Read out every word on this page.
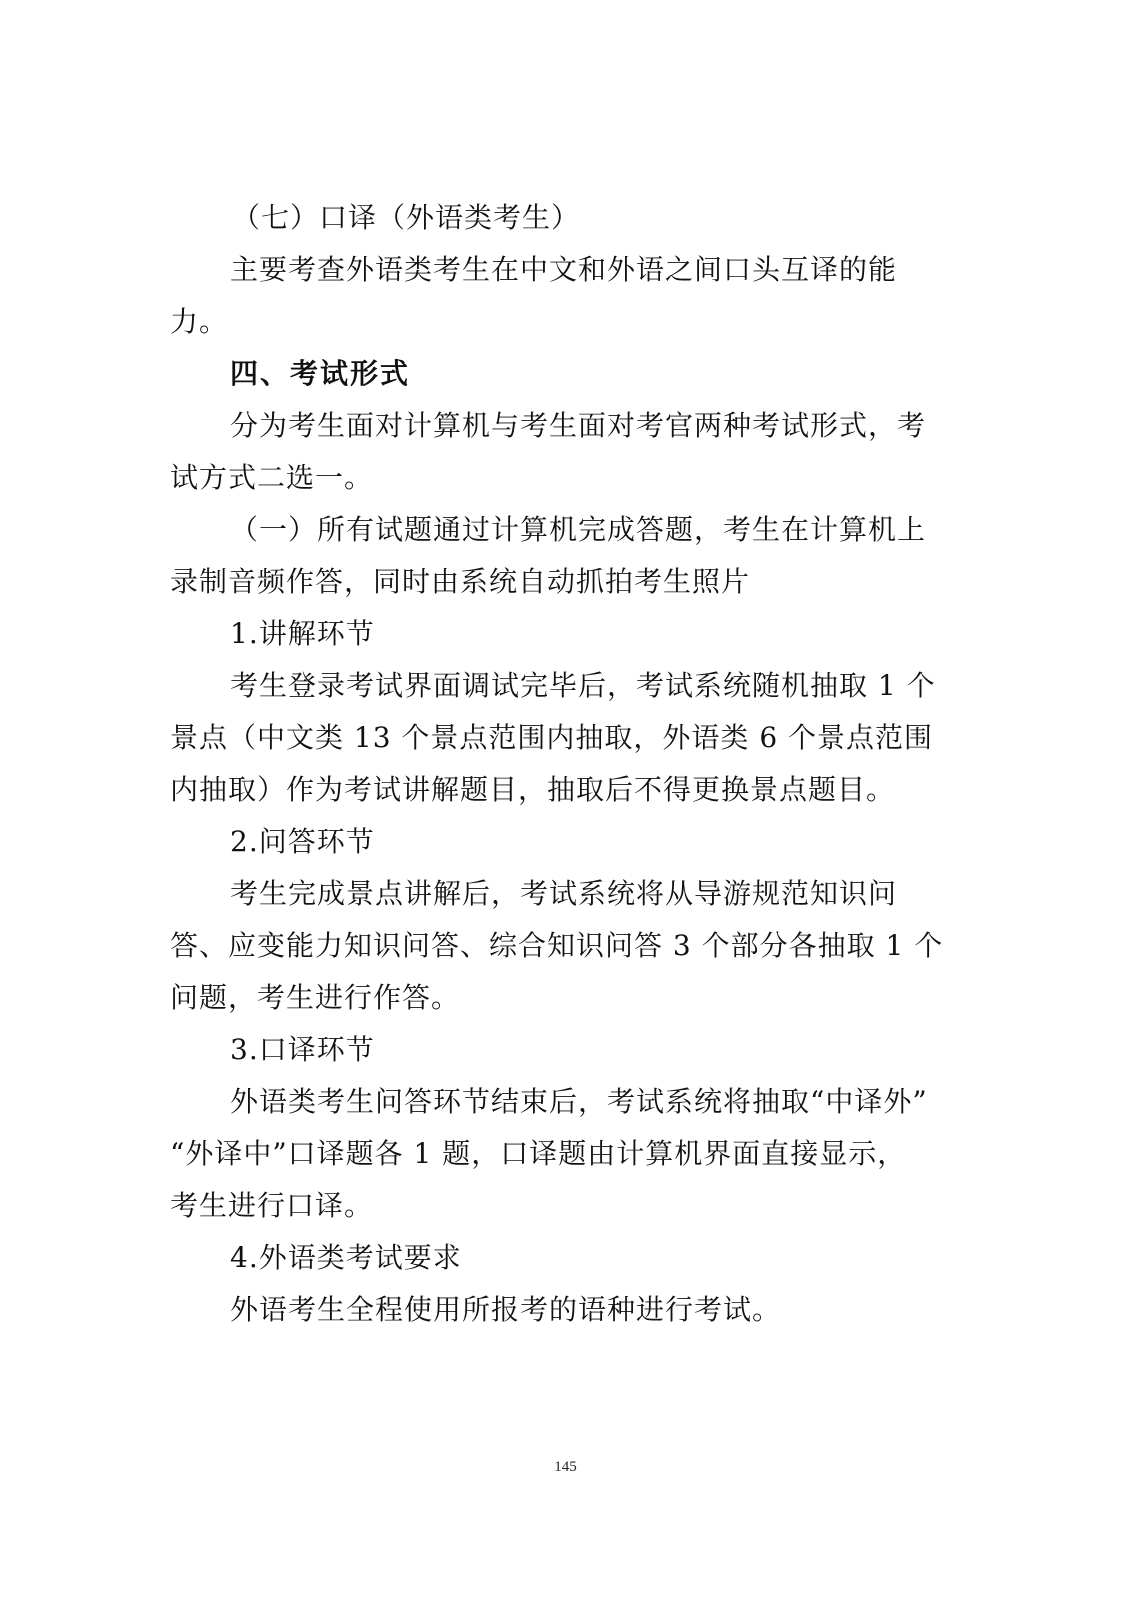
（七）口译（外语类考生）
主要考查外语类考生在中文和外语之间口头互译的能
力。
四、考试形式
分为考生面对计算机与考生面对考官两种考试形式，考
试方式二选一。
（一）所有试题通过计算机完成答题，考生在计算机上
录制音频作答，同时由系统自动抓拍考生照片
1.讲解环节
考生登录考试界面调试完毕后，考试系统随机抽取 1 个
景点（中文类 13 个景点范围内抽取，外语类 6 个景点范围
内抽取）作为考试讲解题目，抽取后不得更换景点题目。
2.问答环节
考生完成景点讲解后，考试系统将从导游规范知识问
答、应变能力知识问答、综合知识问答 3 个部分各抽取 1 个
问题，考生进行作答。
3.口译环节
外语类考生问答环节结束后，考试系统将抽取“中译外”
“外译中”口译题各 1 题，口译题由计算机界面直接显示，
考生进行口译。
4.外语类考试要求
外语考生全程使用所报考的语种进行考试。
145
